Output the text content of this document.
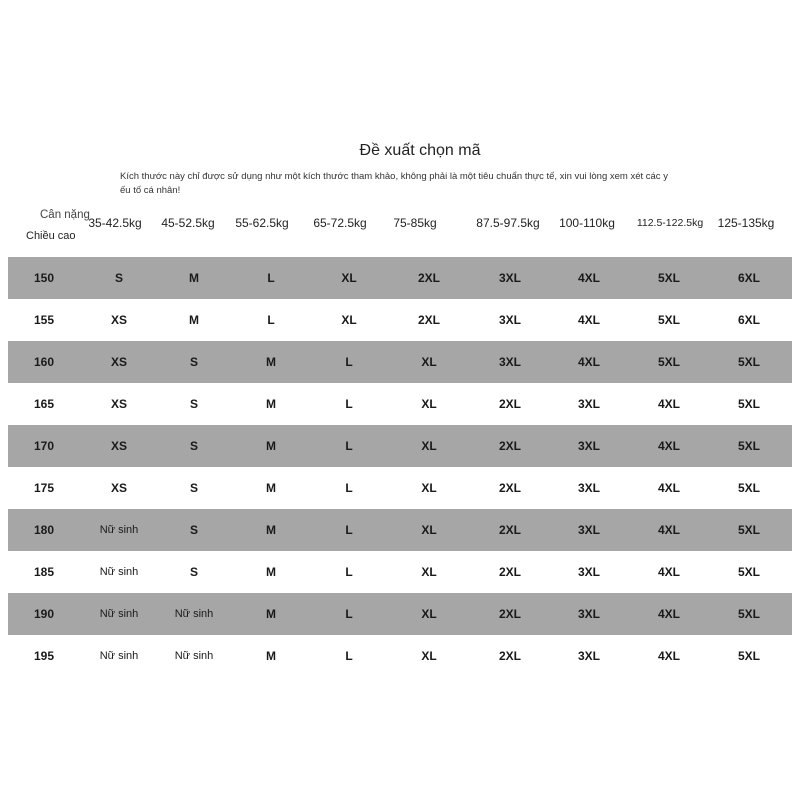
Đề xuất chọn mã
Kích thước này chỉ được sử dụng như một kích thước tham khảo, không phải là một tiêu chuẩn thực tế, xin vui lòng xem xét các y ếu tố cá nhân!
Cân nặng
Chiều cao
35-42.5kg	45-52.5kg	55-62.5kg	65-72.5kg	75-85kg	87.5-97.5kg	100-110kg	112.5-122.5kg	125-135kg
150	S	M	L	XL	2XL	3XL	4XL	5XL	6XL
155	XS	M	L	XL	2XL	3XL	4XL	5XL	6XL
160	XS	S	M	L	XL	3XL	4XL	5XL	5XL
165	XS	S	M	L	XL	2XL	3XL	4XL	5XL
170	XS	S	M	L	XL	2XL	3XL	4XL	5XL
175	XS	S	M	L	XL	2XL	3XL	4XL	5XL
180	Nữ sinh	S	M	L	XL	2XL	3XL	4XL	5XL
185	Nữ sinh	S	M	L	XL	2XL	3XL	4XL	5XL
190	Nữ sinh	Nữ sinh	M	L	XL	2XL	3XL	4XL	5XL
195	Nữ sinh	Nữ sinh	M	L	XL	2XL	3XL	4XL	5XL
